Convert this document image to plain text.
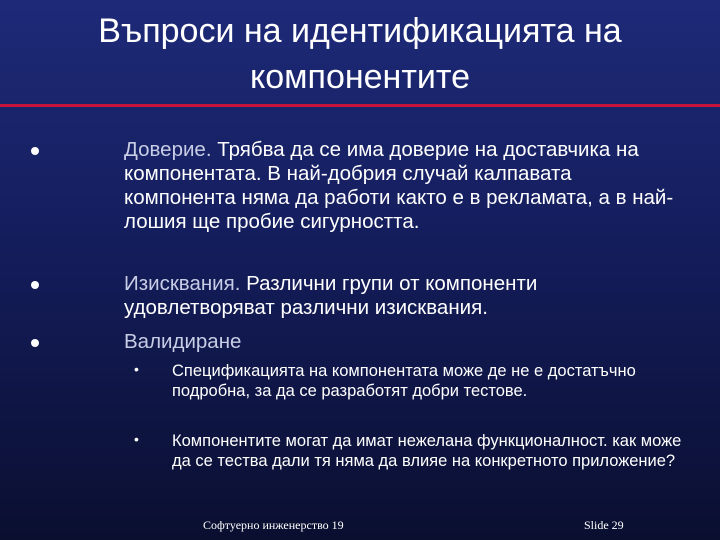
Въпроси на идентификацията на
компонентите
Доверие. Трябва да се има доверие на доставчика на компонентата. В най-добрия случай калпавата компонента няма да работи както е в рекламата, а в най-лошия ще пробие сигурността.
Изисквания. Различни групи от компоненти удовлетворяват различни изисквания.
Валидиране
• Спецификацията на компонентата може де не е достатъчно подробна, за да се разработят добри тестове.
• Компонентите могат да имат нежелана функционалност. как може да се тества дали тя няма да влияе на конкретното приложение?
Софтуерно инженерство 19	Slide 29
